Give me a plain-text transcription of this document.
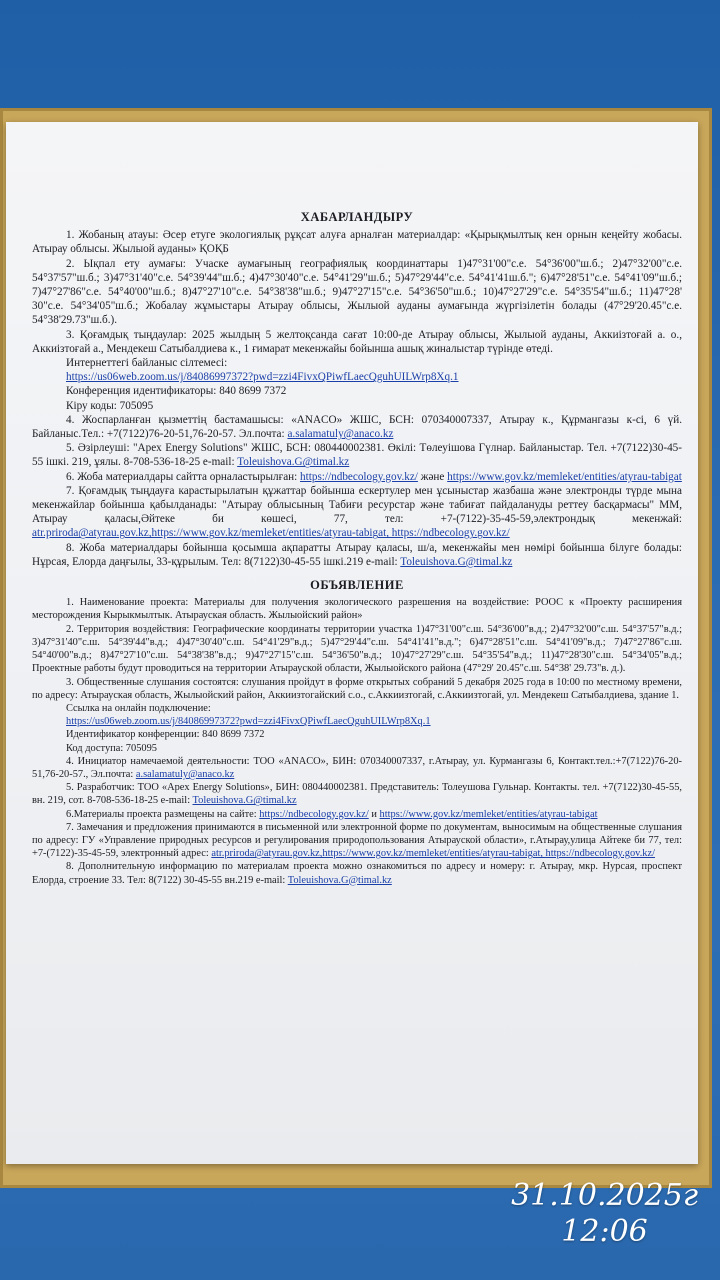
ХАБАРЛАНДЫРУ

1. Жобаның атауы: Әсер етуге экологиялық рұқсат алуға арналған материалдар: «Қырықмылтық кен орнын кеңейту жобасы. Атырау облысы. Жылыой ауданы» ҚОҚБ

2. Ықпал ету аумағы: Учаске аумағының географиялық координаттары 1)47°31'00"с.е. 54°36'00"ш.б.; 2)47°32'00"с.е. 54°37'57"ш.б.; 3)47°31'40"с.е. 54°39'44"ш.б.; 4)47°30'40"с.е. 54°41'29"ш.б.; 5)47°29'44"с.е. 54°41'41ш.б."; 6)47°28'51"с.е. 54°41'09"ш.б.; 7)47°27'86"с.е. 54°40'00"ш.б.; 8)47°27'10"с.е. 54°38'38"ш.б.; 9)47°27'15"с.е. 54°36'50"ш.б.; 10)47°27'29"с.е. 54°35'54"ш.б.; 11)47°28' 30"с.е. 54°34'05"ш.б.; Жобалау жұмыстары Атырау облысы, Жылыой ауданы аумағында жүргізілетін болады (47°29'20.45"с.е. 54°38'29.73"ш.б.).

3. Қоғамдық тыңдаулар: 2025 жылдың 5 желтоқсанда сағат 10:00-де Атырау облысы, Жылыой ауданы, Аккиізтоғай а. о., Аккиізтоғай а., Мендекеш Сатыбалдиева к., 1 ғимарат мекенжайы бойынша ашық жиналыстар түрінде өтеді.

Интернеттегі байланыс сілтемесі:

https://us06web.zoom.us/j/84086997372?pwd=zzi4FivxQPiwfLaecQguhUILWrp8Xq.1

Конференция идентификаторы: 840 8699 7372

Кіру коды: 705095

4. Жоспарланған қызметтің бастамашысы: «ANACO» ЖШС, БСН: 070340007337, Атырау к., Құрмангазы к-сі, 6 үй. Байланыс.Тел.: +7(7122)76-20-51,76-20-57. Эл.почта: a.salamatuly@anaco.kz

5. Әзірлеуші: "Apex Energy Solutions" ЖШС, БСН: 080440002381. Өкілі: Төлеуішова Гүлнар. Байланыстар. Тел. +7(7122)30-45-55 ішкі. 219, ұялы. 8-708-536-18-25 e-mail: Toleuishova.G@timal.kz

6. Жоба материалдары сайтта орналастырылған: https://ndbecology.gov.kz/ және https://www.gov.kz/memleket/entities/atyrau-tabigat

7. Қоғамдық тыңдауға карастырылатын құжаттар бойынша ескертулер мен ұсыныстар жазбаша және электронды түрде мына мекенжайлар бойынша қабылданады: "Атырау облысының Табиғи ресурстар және табиғат пайдалануды реттеу басқармасы" ММ, Атырау қаласы,Әйтеке би көшесі, 77, тел: +7-(7122)-35-45-59,электрондық мекенжай: atr.priroda@atyrau.gov.kz,https://www.gov.kz/memleket/entities/atyrau-tabigat, https://ndbecology.gov.kz/

8. Жоба материалдары бойынша қосымша ақпаратты Атырау қаласы, ш/а, мекенжайы мен нөмірі бойынша білуге болады: Нұрсая, Елорда даңғылы, 33-құрылым. Тел: 8(7122)30-45-55 ішкі.219 e-mail: Toleuishova.G@timal.kz

ОБЪЯВЛЕНИЕ

1. Наименование проекта: Материалы для получения экологического разрешения на воздействие: РООС к «Проекту расширения месторождения Кырыкмылтык. Атырауская область. Жылыойский район»

2. Территория воздействия: Географические координаты территории участка 1)47°31'00"с.ш. 54°36'00"в.д.; 2)47°32'00"с.ш. 54°37'57"в.д.; 3)47°31'40"с.ш. 54°39'44"в.д.; 4)47°30'40"с.ш. 54°41'29"в.д.; 5)47°29'44"с.ш. 54°41'41"в.д."; 6)47°28'51"с.ш. 54°41'09"в.д.; 7)47°27'86"с.ш. 54°40'00"в.д.; 8)47°27'10"с.ш. 54°38'38"в.д.; 9)47°27'15"с.ш. 54°36'50"в.д.; 10)47°27'29"с.ш. 54°35'54"в.д.; 11)47°28'30"с.ш. 54°34'05"в.д.; Проектные работы будут проводиться на территории Атырауской области, Жылыойского района (47°29' 20.45"с.ш. 54°38' 29.73"в. д.).

3. Общественные слушания состоятся: слушания пройдут в форме открытых собраний 5 декабря 2025 года в 10:00 по местному времени, по адресу: Атырауская область, Жылыойский район, Аккиизтогайский с.о., с.Аккиизтогай, с.Аккиизтогай, ул. Мендекеш Сатыбалдиева, здание 1.

Ссылка на онлайн подключение:

https://us06web.zoom.us/j/84086997372?pwd=zzi4FivxQPiwfLaecQguhUILWrp8Xq.1

Идентификатор конференции: 840 8699 7372

Код доступа: 705095

4. Инициатор намечаемой деятельности: ТОО «ANACO», БИН: 070340007337, г.Атырау, ул. Курмангазы 6, Контакт.тел.:+7(7122)76-20-51,76-20-57., Эл.почта: a.salamatuly@anaco.kz

5. Разработчик: ТОО «Apex Energy Solutions», БИН: 080440002381. Представитель: Толеушова Гульнар. Контакты. тел. +7(7122)30-45-55, вн. 219, сот. 8-708-536-18-25 e-mail: Toleuishova.G@timal.kz

6.Материалы проекта размещены на сайте: https://ndbecology.gov.kz/ и https://www.gov.kz/memleket/entities/atyrau-tabigat

7. Замечания и предложения принимаются в письменной или электронной форме по документам, выносимым на общественные слушания по адресу: ГУ «Управление природных ресурсов и регулирования природопользования Атырауской области», г.Атырау,улица Айтеке би 77, тел: +7-(7122)-35-45-59, электронный адрес: atr.priroda@atyrau.gov.kz,https://www.gov.kz/memleket/entities/atyrau-tabigat, https://ndbecology.gov.kz/

8. Дополнительную информацию по материалам проекта можно ознакомиться по адресу и номеру: г. Атырау, мкр. Нурсая, проспект Елорда, строение 33. Тел: 8(7122) 30-45-55 вн.219 e-mail: Toleuishova.G@timal.kz

31.10.2025г
12:06
